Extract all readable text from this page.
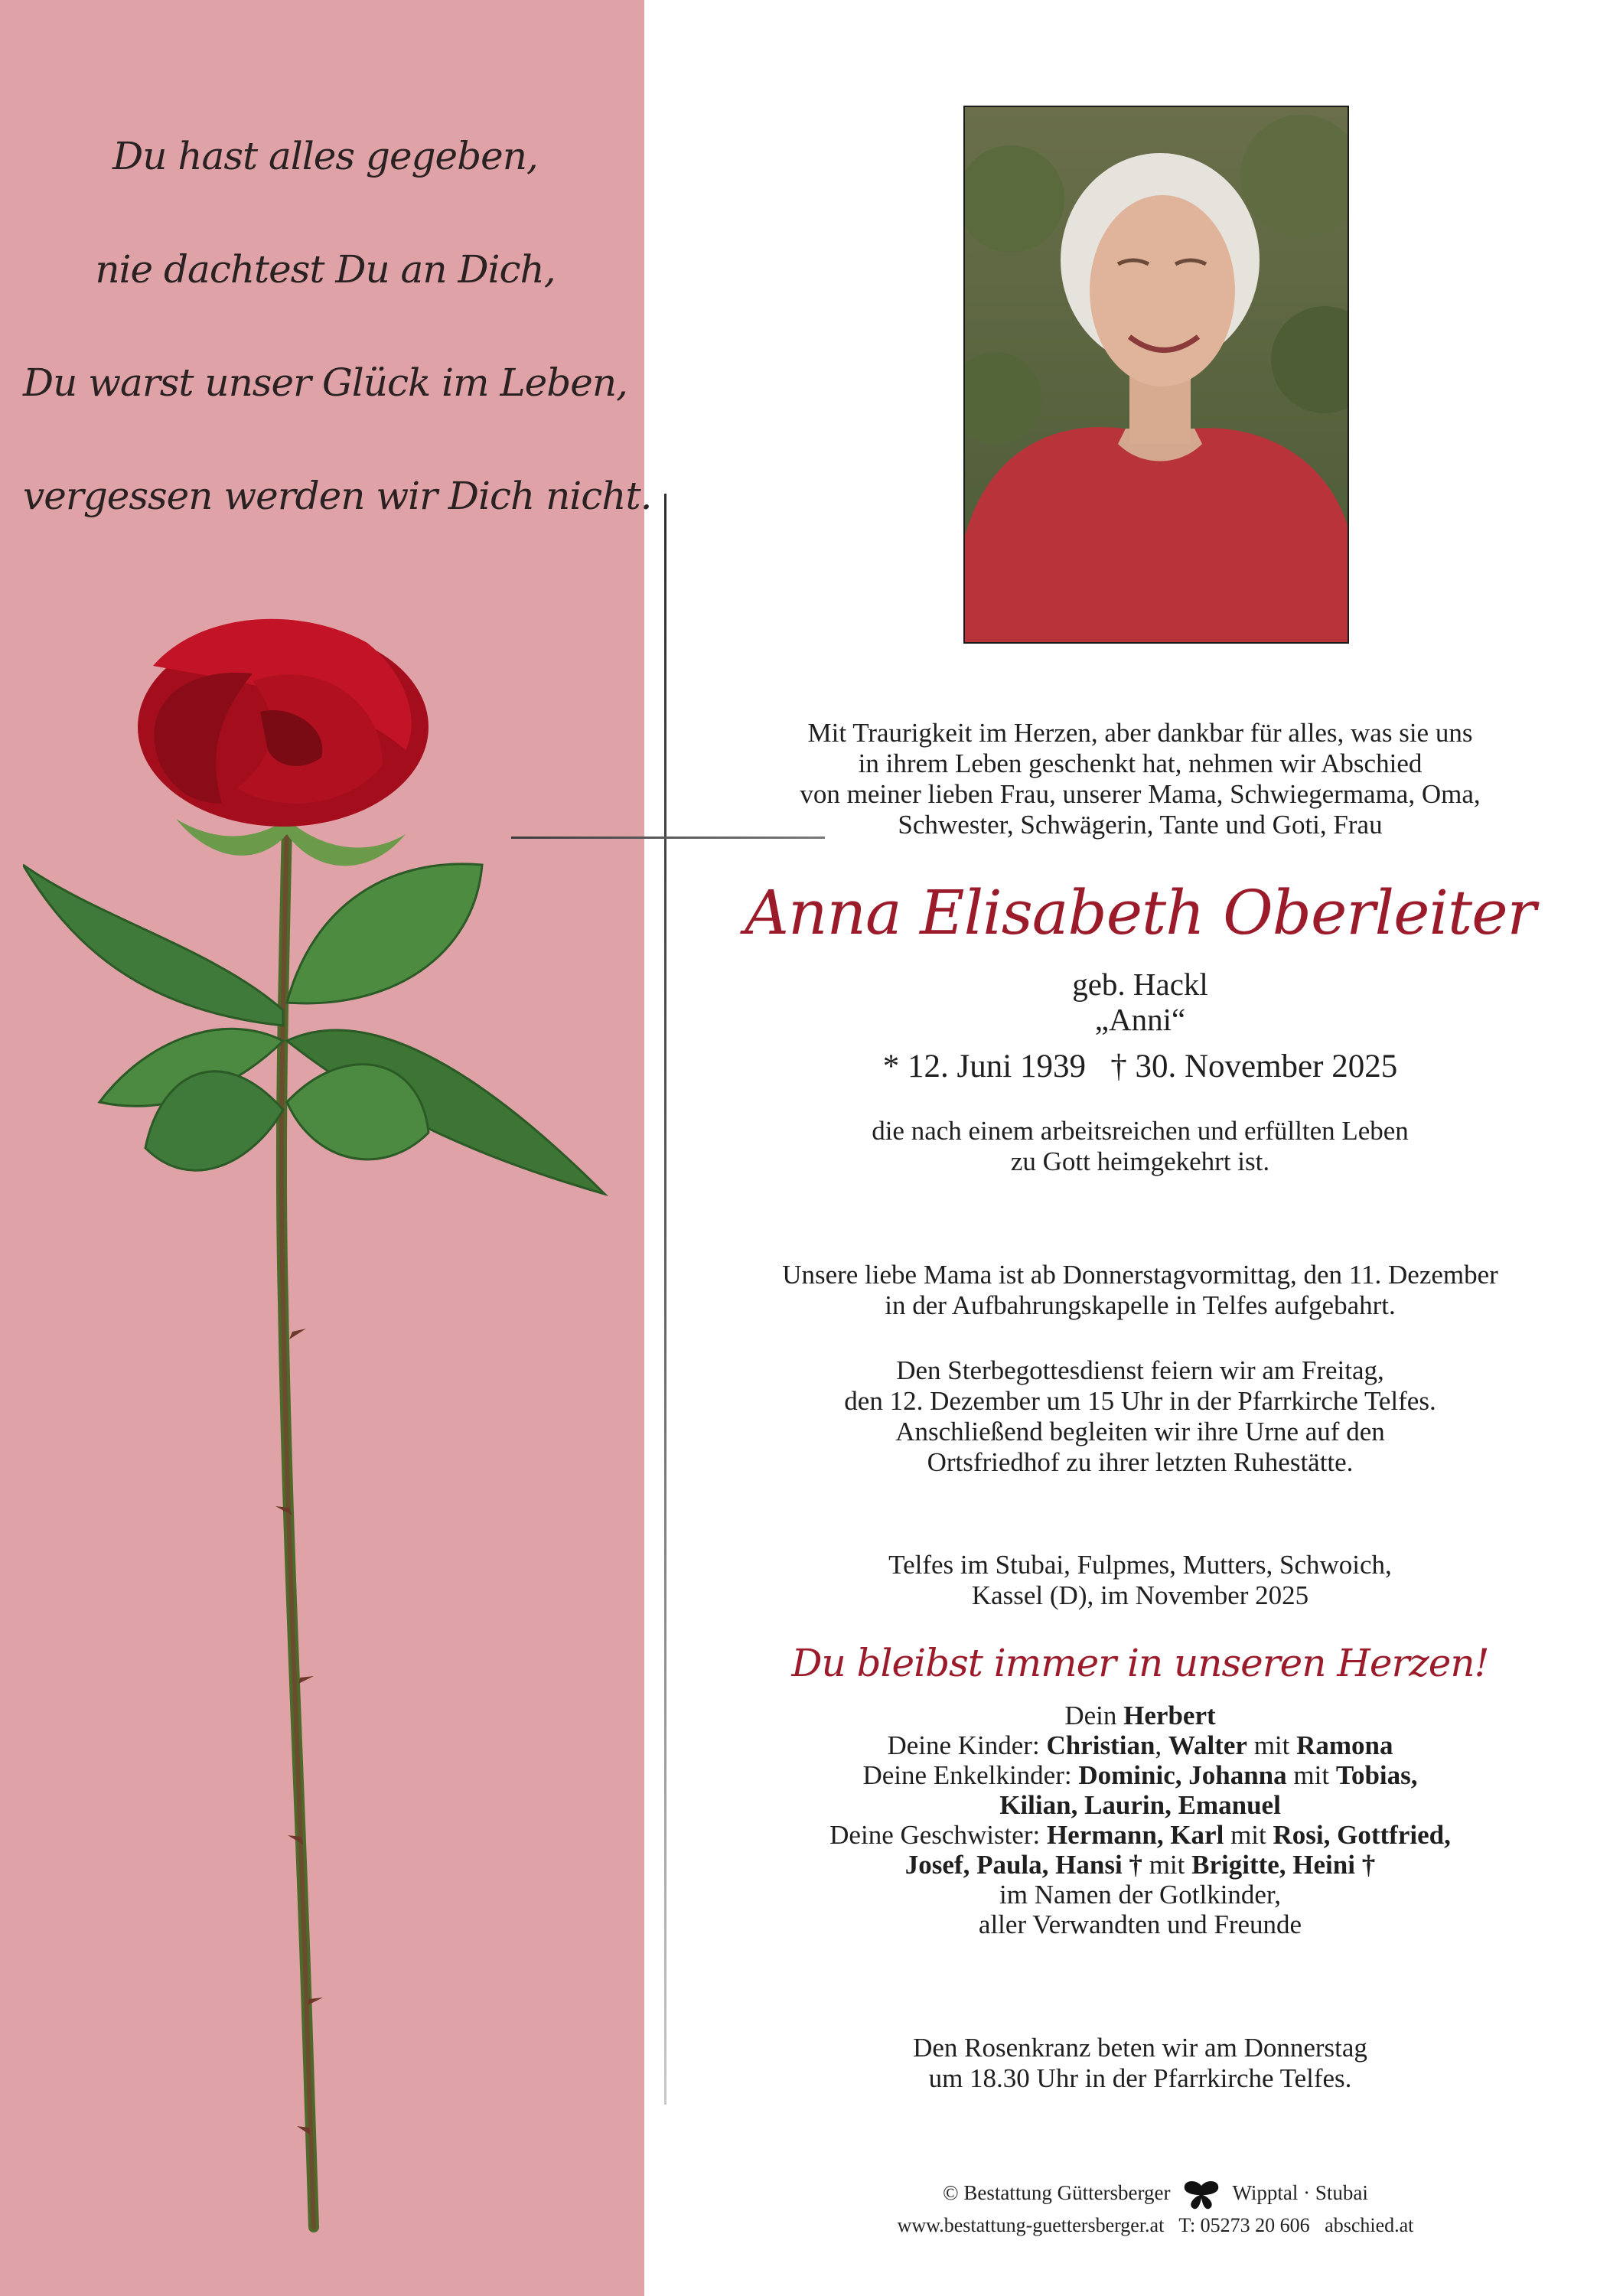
Du hast alles gegeben,
nie dachtest Du an Dich,
Du warst unser Glück im Leben,
vergessen werden wir Dich nicht.
Mit Traurigkeit im Herzen, aber dankbar für alles, was sie uns
in ihrem Leben geschenkt hat, nehmen wir Abschied
von meiner lieben Frau, unserer Mama, Schwiegermama, Oma,
Schwester, Schwägerin, Tante und Goti, Frau
Anna Elisabeth Oberleiter
geb. Hackl
„Anni“
* 12. Juni 1939   † 30. November 2025
die nach einem arbeitsreichen und erfüllten Leben
zu Gott heimgekehrt ist.
Unsere liebe Mama ist ab Donnerstagvormittag, den 11. Dezember
in der Aufbahrungskapelle in Telfes aufgebahrt.
Den Sterbegottesdienst feiern wir am Freitag,
den 12. Dezember um 15 Uhr in der Pfarrkirche Telfes.
Anschließend begleiten wir ihre Urne auf den
Ortsfriedhof zu ihrer letzten Ruhestätte.
Telfes im Stubai, Fulpmes, Mutters, Schwoich,
Kassel (D), im November 2025
Du bleibst immer in unseren Herzen!
Dein Herbert
Deine Kinder: Christian, Walter mit Ramona
Deine Enkelkinder: Dominic, Johanna mit Tobias,
Kilian, Laurin, Emanuel
Deine Geschwister: Hermann, Karl mit Rosi, Gottfried,
Josef, Paula, Hansi † mit Brigitte, Heini †
im Namen der Gotlkinder,
aller Verwandten und Freunde
Den Rosenkranz beten wir am Donnerstag
um 18.30 Uhr in der Pfarrkirche Telfes.
© Bestattung Güttersberger	Wipptal · Stubai
www.bestattung-guettersberger.at T: 05273 20 606 abschied.at
